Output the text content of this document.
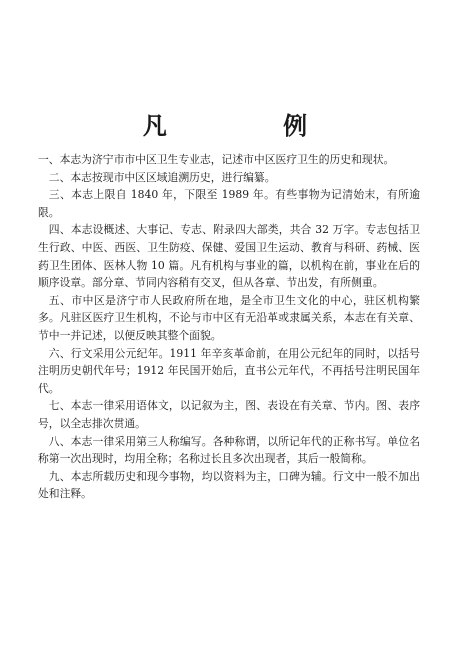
凡 例

一、本志为济宁市市中区卫生专业志，记述市中区医疗卫生的历史和现状。

二、本志按现市中区区域追溯历史，进行编纂。

三、本志上限自 1840 年，下限至 1989 年。有些事物为记清始末，有所逾限。

四、本志设概述、大事记、专志、附录四大部类，共合 32 万字。专志包括卫生行政、中医、西医、卫生防疫、保健、爱国卫生运动、教育与科研、药械、医药卫生团体、医林人物 10 篇。凡有机构与事业的篇，以机构在前，事业在后的顺序设章。部分章、节同内容稍有交叉，但从各章、节出发，有所侧重。

五、市中区是济宁市人民政府所在地，是全市卫生文化的中心，驻区机构繁多。凡驻区医疗卫生机构，不论与市中区有无沿革或隶属关系，本志在有关章、节中一并记述，以便反映其整个面貌。

六、行文采用公元纪年。1911 年辛亥革命前，在用公元纪年的同时，以括号注明历史朝代年号；1912 年民国开始后，直书公元年代，不再括号注明民国年代。

七、本志一律采用语体文，以记叙为主，图、表设在有关章、节内。图、表序号，以全志排次贯通。

八、本志一律采用第三人称编写。各种称谓，以所记年代的正称书写。单位名称第一次出现时，均用全称；名称过长且多次出现者，其后一般简称。

九、本志所载历史和现今事物，均以资料为主，口碑为辅。行文中一般不加出处和注释。
